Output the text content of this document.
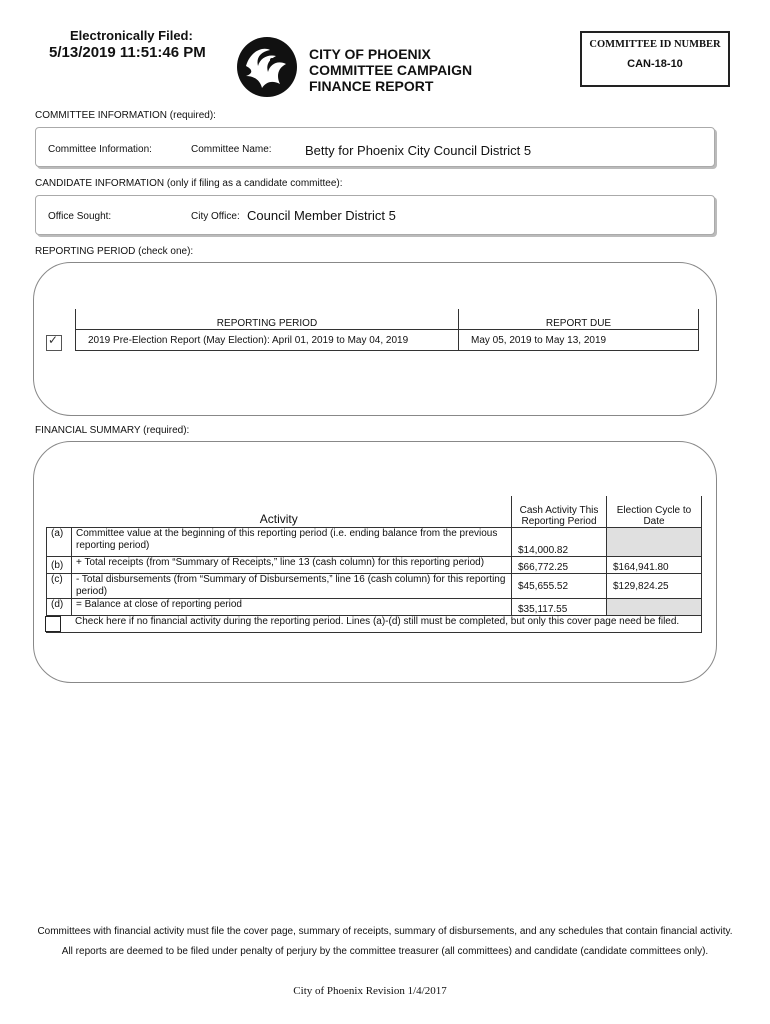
Electronically Filed:
5/13/2019 11:51:46 PM	CITY OF PHOENIX
COMMITTEE CAMPAIGN
FINANCE REPORT
COMMITTEE ID NUMBER
CAN-18-10
COMMITTEE INFORMATION (required):
Committee Information:	Committee Name:	Betty for Phoenix City Council District 5
CANDIDATE INFORMATION (only if filing as a candidate committee):
Office Sought:	City Office: Council Member District 5
REPORTING PERIOD (check one):
✓
REPORTING PERIOD	REPORT DUE
2019 Pre-Election Report (May Election): April 01, 2019 to May 04, 2019	May 05, 2019 to May 13, 2019
FINANCIAL SUMMARY (required):
Activity		Cash Activity This Reporting Period	Election Cycle to Date
(a)	Committee value at the beginning of this reporting period (i.e. ending balance from the previous reporting period)	$14,000.82	
(b)	+ Total receipts (from “Summary of Receipts,” line 13 (cash column) for this reporting period)	$66,772.25	$164,941.80
(c)	- Total disbursements (from “Summary of Disbursements,” line 16 (cash column) for this reporting period)	$45,655.52	$129,824.25
(d)	= Balance at close of reporting period	$35,117.55	
Check here if no financial activity during the reporting period. Lines (a)-(d) still must be completed, but only this cover page need be filed.			
Committees with financial activity must file the cover page, summary of receipts, summary of disbursements, and any schedules that contain financial activity.
All reports are deemed to be filed under penalty of perjury by the committee treasurer (all committees) and candidate (candidate committees only).
City of Phoenix Revision 1/4/2017
